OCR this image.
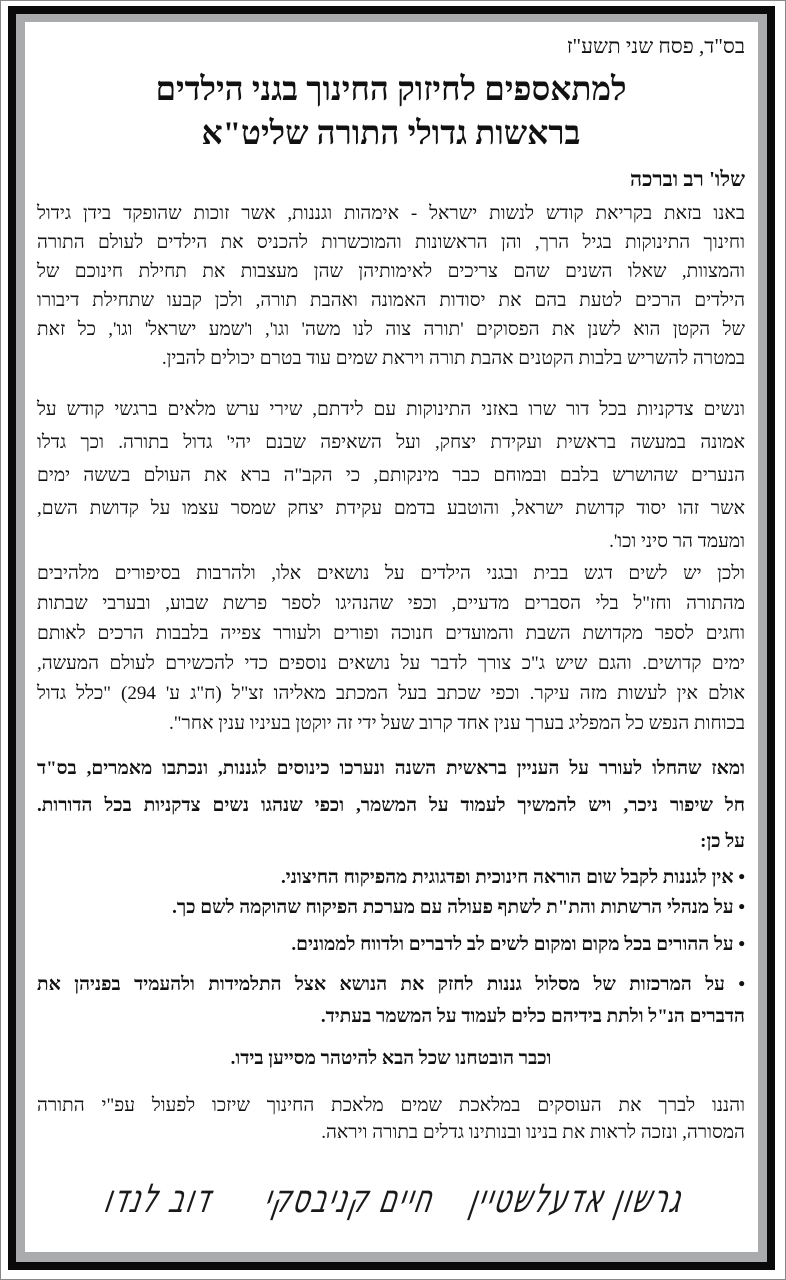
בס"ד, פסח שני תשע"ז
למתאספים לחיזוק החינוך בגני הילדים
בראשות גדולי התורה שליט"א
שלו' רב וברכה
באנו בזאת בקריאת קודש לנשות ישראל - אימהות וגננות, אשר זוכות שהופקד בידן גידול
וחינוך התינוקות בגיל הרך, והן הראשונות והמוכשרות להכניס את הילדים לעולם התורה
והמצוות, שאלו השנים שהם צריכים לאימותיהן שהן מעצבות את תחילת חינוכם של
הילדים הרכים לטעת בהם את יסודות האמונה ואהבת תורה, ולכן קבעו שתחילת דיבורו
של הקטן הוא לשנן את הפסוקים 'תורה צוה לנו משה' וגו', ו'שמע ישראל' וגו', כל זאת
במטרה להשריש בלבות הקטנים אהבת תורה ויראת שמים עוד בטרם יכולים להבין.
ונשים צדקניות בכל דור שרו באזני התינוקות עם לידתם, שירי ערש מלאים ברגשי קודש על
אמונה במעשה בראשית ועקידת יצחק, ועל השאיפה שבנם יהי' גדול בתורה. וכך גדלו
הנערים שהושרש בלבם ובמוחם כבר מינקותם, כי הקב"ה ברא את העולם בששה ימים
אשר זהו יסוד קדושת ישראל, והוטבע בדמם עקידת יצחק שמסר עצמו על קדושת השם,
ומעמד הר סיני וכו'.
ולכן יש לשים דגש בבית ובגני הילדים על נושאים אלו, ולהרבות בסיפורים מלהיבים
מהתורה וחז"ל בלי הסברים מדעיים, וכפי שהנהיגו לספר פרשת שבוע, ובערבי שבתות
וחגים לספר מקדושת השבת והמועדים חנוכה ופורים ולעורר צפייה בלבבות הרכים לאותם
ימים קדושים. והגם שיש ג"כ צורך לדבר על נושאים נוספים כדי להכשירם לעולם המעשה,
אולם אין לעשות מזה עיקר. וכפי שכתב בעל המכתב מאליהו זצ"ל (ח"ג ע' 294) "כלל גדול
בכוחות הנפש כל המפליג בערך ענין אחד קרוב שעל ידי זה יוקטן בעיניו ענין אחר".
ומאז שהחלו לעורר על העניין בראשית השנה ונערכו כינוסים לגננות, ונכתבו מאמרים, בס"ד
חל שיפור ניכר, ויש להמשיך לעמוד על המשמר, וכפי שנהגו נשים צדקניות בכל הדורות.
על כן:
• אין לגננות לקבל שום הוראה חינוכית ופדגוגית מהפיקוח החיצוני.
• על מנהלי הרשתות והת"ת לשתף פעולה עם מערכת הפיקוח שהוקמה לשם כך.
• על ההורים בכל מקום ומקום לשים לב לדברים ולדווח לממונים.
• על המרכזות של מסלול גננות לחזק את הנושא אצל התלמידות ולהעמיד בפניהן את
הדברים הנ"ל ולתת בידיהם כלים לעמוד על המשמר בעתיד.
והננו לברך את העוסקים במלאכת שמים מלאכת החינוך שיזכו לפעול עפ"י התורה
המסורה, ונזכה לראות את בנינו ובנותינו גדלים בתורה ויראה.
וכבר הובטחנו שכל הבא להיטהר מסייען בידו.
גרשון אדעלשטיין
חיים קניבסקי
דוב לנדו
